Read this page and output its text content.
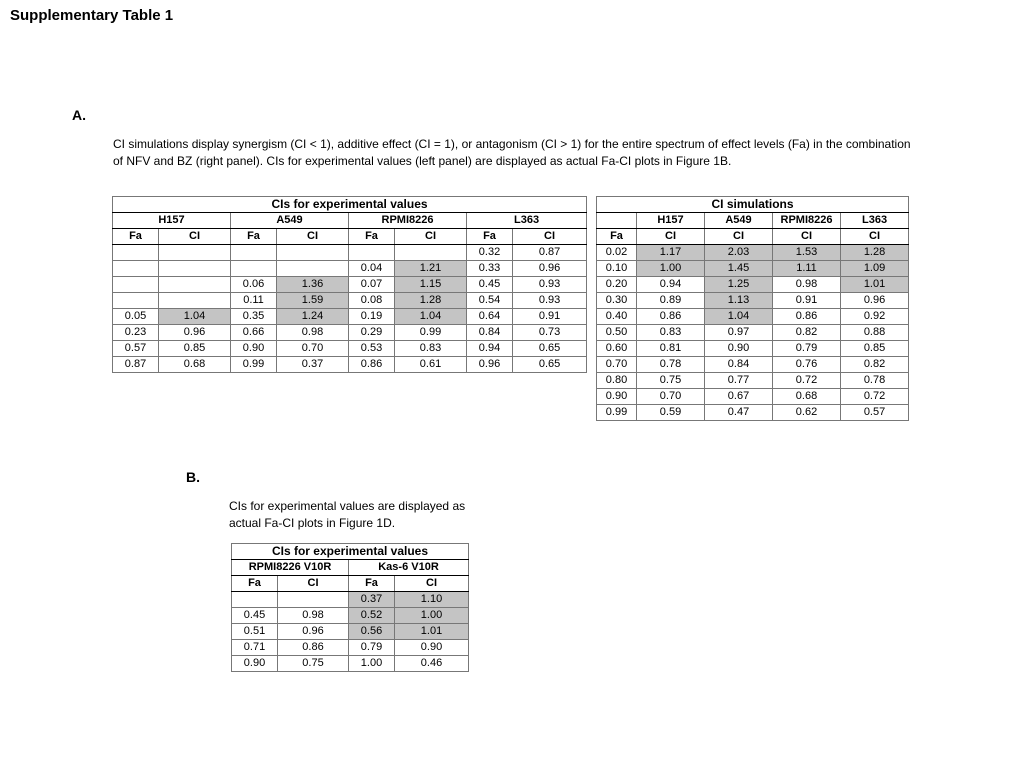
Supplementary Table 1
A.
CI simulations display synergism (CI < 1), additive effect (CI = 1), or antagonism (CI > 1) for the entire spectrum of effect levels (Fa) in the combination of NFV and BZ (right panel). CIs for experimental values (left panel) are displayed as actual Fa-CI plots in Figure 1B.
CIs for experimental values							
H157		A549		RPMI8226		L363	
Fa	CI	Fa	CI	Fa	CI	Fa	CI
						0.32	0.87
				0.04	1.21	0.33	0.96
		0.06	1.36	0.07	1.15	0.45	0.93
		0.11	1.59	0.08	1.28	0.54	0.93
0.05	1.04	0.35	1.24	0.19	1.04	0.64	0.91
0.23	0.96	0.66	0.98	0.29	0.99	0.84	0.73
0.57	0.85	0.90	0.70	0.53	0.83	0.94	0.65
0.87	0.68	0.99	0.37	0.86	0.61	0.96	0.65
CI simulations				
	H157	A549	RPMI8226	L363
Fa	CI	CI	CI	CI
0.02	1.17	2.03	1.53	1.28
0.10	1.00	1.45	1.11	1.09
0.20	0.94	1.25	0.98	1.01
0.30	0.89	1.13	0.91	0.96
0.40	0.86	1.04	0.86	0.92
0.50	0.83	0.97	0.82	0.88
0.60	0.81	0.90	0.79	0.85
0.70	0.78	0.84	0.76	0.82
0.80	0.75	0.77	0.72	0.78
0.90	0.70	0.67	0.68	0.72
0.99	0.59	0.47	0.62	0.57
B.
CIs for experimental values are displayed as actual Fa-CI plots in Figure 1D.
CIs for experimental values			
RPMI8226 V10R		Kas-6 V10R	
Fa	CI	Fa	CI
		0.37	1.10
0.45	0.98	0.52	1.00
0.51	0.96	0.56	1.01
0.71	0.86	0.79	0.90
0.90	0.75	1.00	0.46
